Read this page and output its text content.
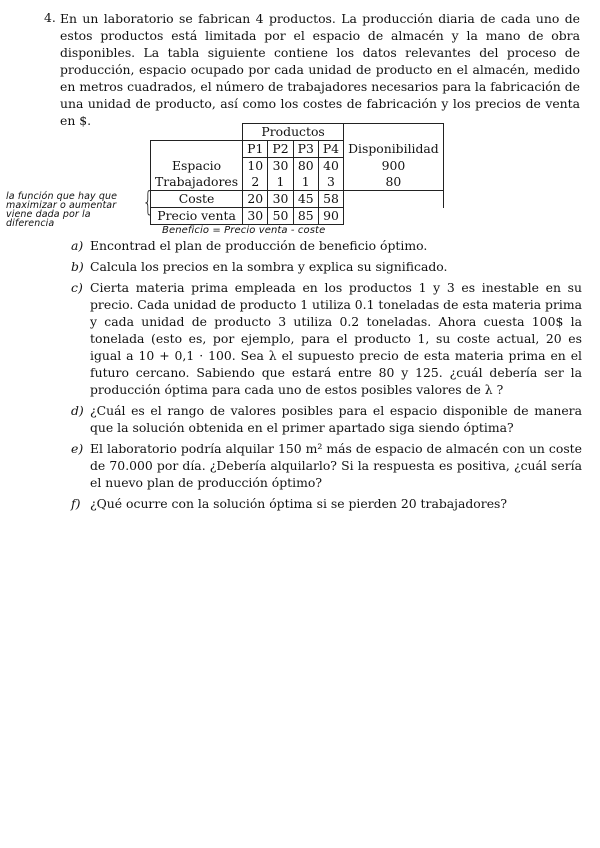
4. En un laboratorio se fabrican 4 productos. La producción diaria de cada uno de estos productos está limitada por el espacio de almacén y la mano de obra disponibles. La tabla siguiente contiene los datos relevantes del proceso de producción, espacio ocupado por cada unidad de producto en el almacén, medido en metros cuadrados, el número de trabajadores necesarios para la fabricación de una unidad de producto, así como los costes de fabricación y los precios de venta en $.
	Productos				
	P1	P2	P3	P4	Disponibilidad
Espacio	10	30	80	40	900
Trabajadores	2	1	1	3	80
Coste	20	30	45	58	
Precio venta	30	50	85	90	
la función que hay que maximizar o aumentar viene dada por la diferencia
{
Beneficio = Precio venta - coste
a) Encontrad el plan de producción de beneficio óptimo.
b) Calcula los precios en la sombra y explica su significado.
c) Cierta materia prima empleada en los productos 1 y 3 es inestable en su precio. Cada unidad de producto 1 utiliza 0.1 toneladas de esta materia prima y cada unidad de producto 3 utiliza 0.2 toneladas. Ahora cuesta 100$ la tonelada (esto es, por ejemplo, para el producto 1, su coste actual, 20 es igual a 10 + 0,1 · 100. Sea λ el supuesto precio de esta materia prima en el futuro cercano. Sabiendo que estará entre 80 y 125. ¿cuál debería ser la producción óptima para cada uno de estos posibles valores de λ ?
d) ¿Cuál es el rango de valores posibles para el espacio disponible de manera que la solución obtenida en el primer apartado siga siendo óptima?
e) El laboratorio podría alquilar 150 m² más de espacio de almacén con un coste de 70.000 por día. ¿Debería alquilarlo? Si la respuesta es positiva, ¿cuál sería el nuevo plan de producción óptimo?
f) ¿Qué ocurre con la solución óptima si se pierden 20 trabajadores?
